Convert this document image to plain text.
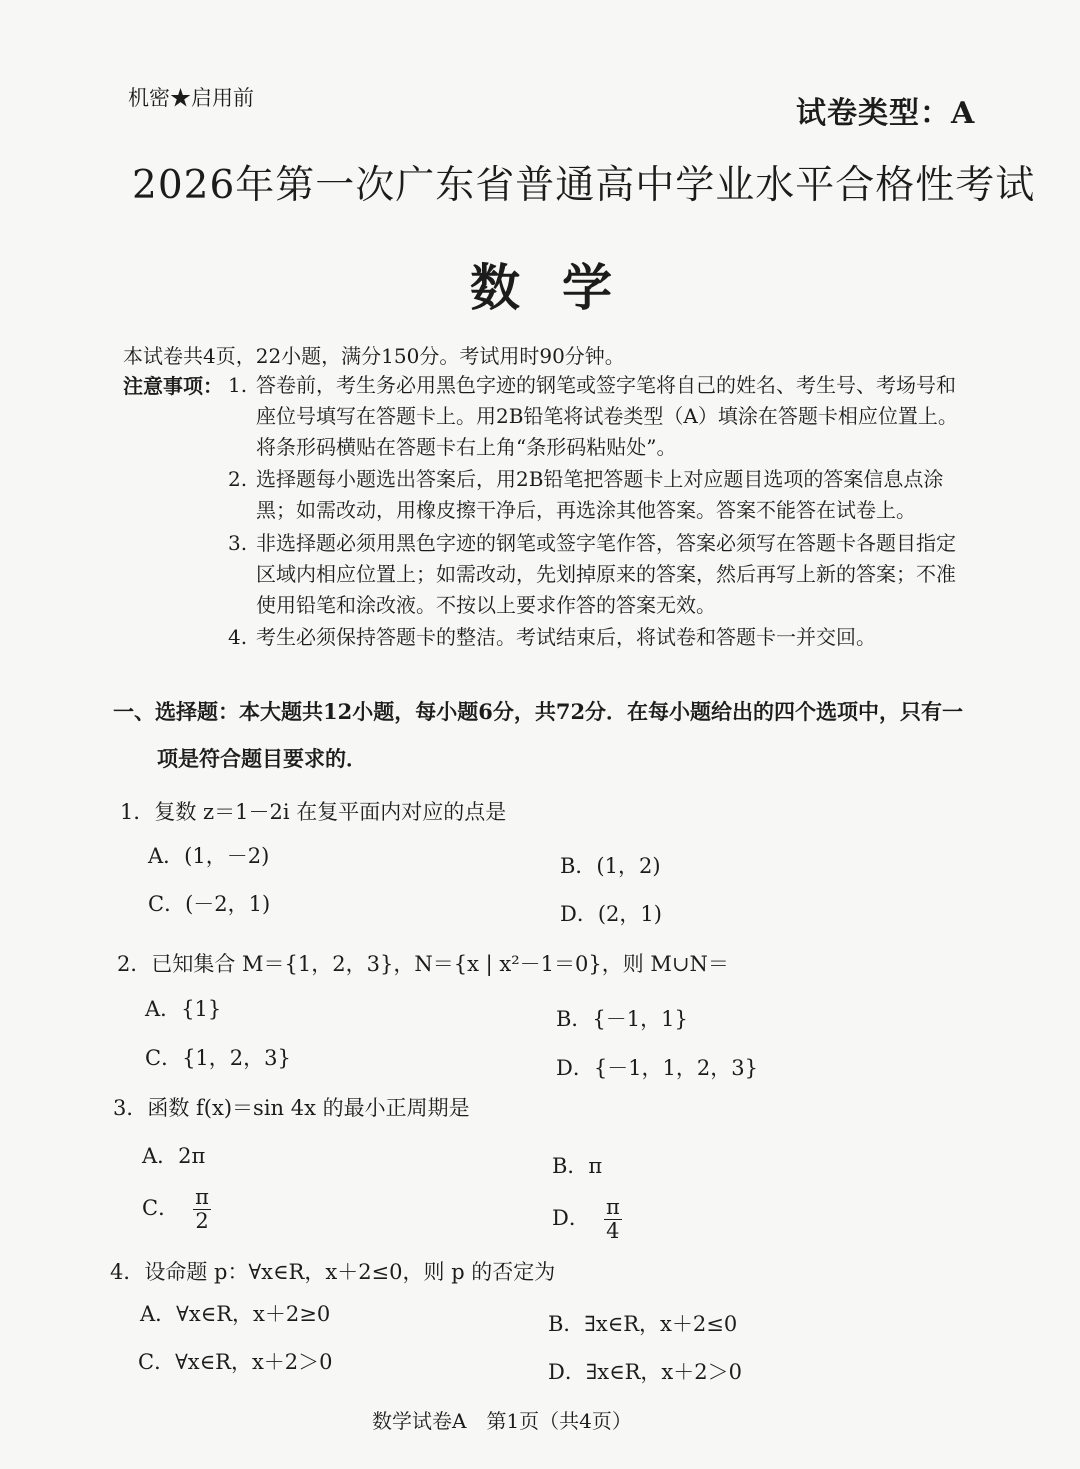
机密★启用前	试卷类型：A
2026年第一次广东省普通高中学业水平合格性考试
数学
本试卷共4页，22小题，满分150分。考试用时90分钟。
注意事项： 1. 答卷前，考生务必用黑色字迹的钢笔或签字笔将自己的姓名、考生号、考场号和座位号填写在答题卡上。用2B铅笔将试卷类型（A）填涂在答题卡相应位置上。将条形码横贴在答题卡右上角“条形码粘贴处”。
2. 选择题每小题选出答案后，用2B铅笔把答题卡上对应题目选项的答案信息点涂黑；如需改动，用橡皮擦干净后，再选涂其他答案。答案不能答在试卷上。
3. 非选择题必须用黑色字迹的钢笔或签字笔作答，答案必须写在答题卡各题目指定区域内相应位置上；如需改动，先划掉原来的答案，然后再写上新的答案；不准使用铅笔和涂改液。不按以上要求作答的答案无效。
4. 考生必须保持答题卡的整洁。考试结束后，将试卷和答题卡一并交回。
一、选择题：本大题共12小题，每小题6分，共72分．在每小题给出的四个选项中，只有一项是符合题目要求的．
1．复数 z＝1－2i 在复平面内对应的点是
A．(1，－2)	B．(1，2)
C．(－2，1)	D．(2，1)
2．已知集合 M＝{1，2，3}，N＝{x | x²－1＝0}，则 M∪N＝
A．{1}	B．{－1，1}
C．{1，2，3}	D．{－1，1，2，3}
3．函数 f(x)＝sin 4x 的最小正周期是
A．2π	B．π
C． $\frac{\pi}{2}$	D． $\frac{\pi}{4}$
4．设命题 p：∀x∈R，x＋2≤0，则 p 的否定为
A．∀x∈R，x＋2≥0	B．∃x∈R，x＋2≤0
C．∀x∈R，x＋2＞0	D．∃x∈R，x＋2＞0
数学试卷A　第1页（共4页）
